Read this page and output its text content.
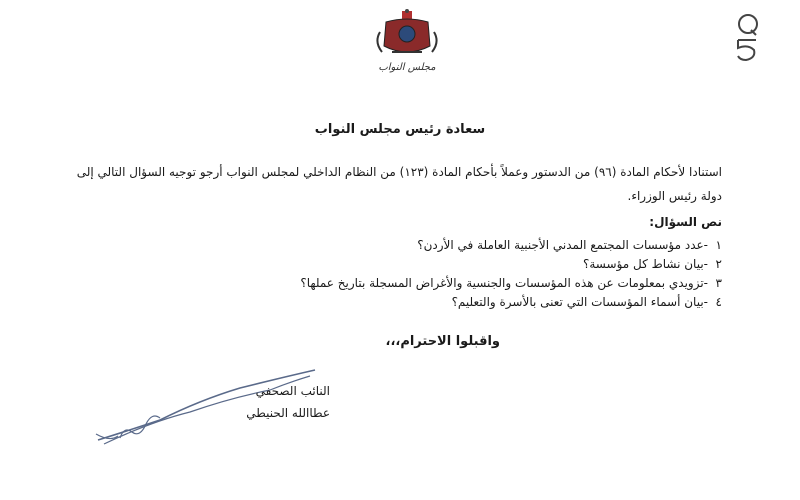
مجلس النواب
سعادة رئيس مجلس النواب
استنادا لأحكام المادة (٩٦) من الدستور وعملاً بأحكام المادة (١٢٣) من النظام الداخلي لمجلس النواب أرجو توجيه السؤال التالي إلى دولة رئيس الوزراء.
نص السؤال:
١
-عدد مؤسسات المجتمع المدني الأجنبية العاملة في الأردن؟
٢
-بيان نشاط كل مؤسسة؟
٣
-تزويدي بمعلومات عن هذه المؤسسات والجنسية والأغراض المسجلة بتاريخ عملها؟
٤
-بيان أسماء المؤسسات التي تعنى بالأسرة والتعليم؟
واقبلوا الاحترام،،،
النائب الصحفي
عطاالله الحنيطي
